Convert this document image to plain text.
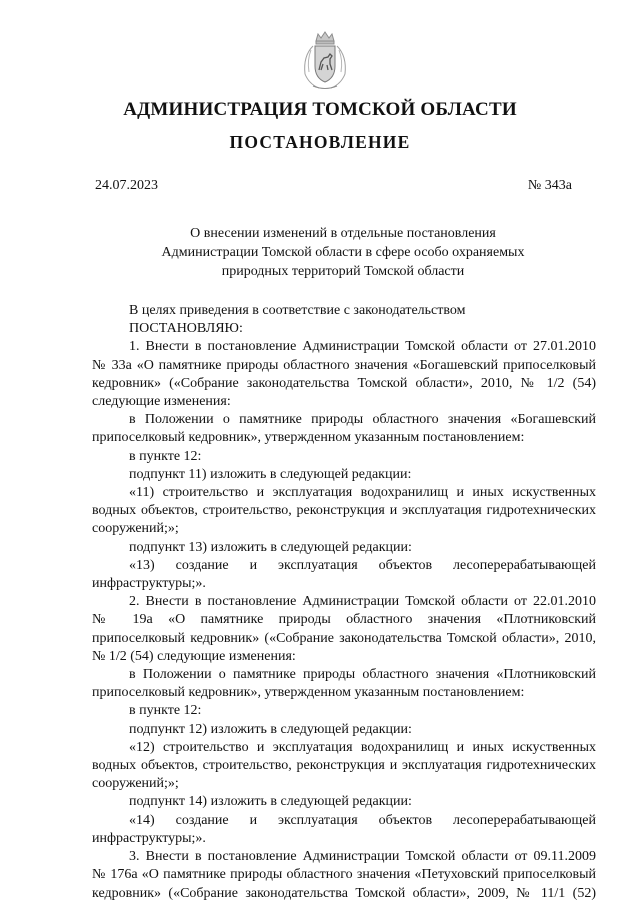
АДМИНИСТРАЦИЯ ТОМСКОЙ ОБЛАСТИ
ПОСТАНОВЛЕНИЕ
24.07.2023	№ 343а
О внесении изменений в отдельные постановления
Администрации Томской области в сфере особо охраняемых
природных территорий Томской области
В целях приведения в соответствие с законодательством
ПОСТАНОВЛЯЮ:
1. Внести в постановление Администрации Томской области от 27.01.2010
№ 33а «О памятнике природы областного значения «Богашевский припоселковый
кедровник» («Собрание законодательства Томской области», 2010, № 1/2 (54)
следующие изменения:
в Положении о памятнике природы областного значения «Богашевский
припоселковый кедровник», утвержденном указанным постановлением:
в пункте 12:
подпункт 11) изложить в следующей редакции:
«11) строительство и эксплуатация водохранилищ и иных искуственных
водных объектов, строительство, реконструкция и эксплуатация гидротехнических
сооружений;»;
подпункт 13) изложить в следующей редакции:
«13) создание и эксплуатация объектов лесоперерабатывающей
инфраструктуры;».
2. Внести в постановление Администрации Томской области от 22.01.2010
№ 19а «О памятнике природы областного значения «Плотниковский
припоселковый кедровник» («Собрание законодательства Томской области», 2010,
№ 1/2 (54) следующие изменения:
в Положении о памятнике природы областного значения «Плотниковский
припоселковый кедровник», утвержденном указанным постановлением:
в пункте 12:
подпункт 12) изложить в следующей редакции:
«12) строительство и эксплуатация водохранилищ и иных искуственных
водных объектов, строительство, реконструкция и эксплуатация гидротехнических
сооружений;»;
подпункт 14) изложить в следующей редакции:
«14) создание и эксплуатация объектов лесоперерабатывающей
инфраструктуры;».
3. Внести в постановление Администрации Томской области от 09.11.2009
№ 176а «О памятнике природы областного значения «Петуховский припоселковый
кедровник» («Собрание законодательства Томской области», 2009, № 11/1 (52)
